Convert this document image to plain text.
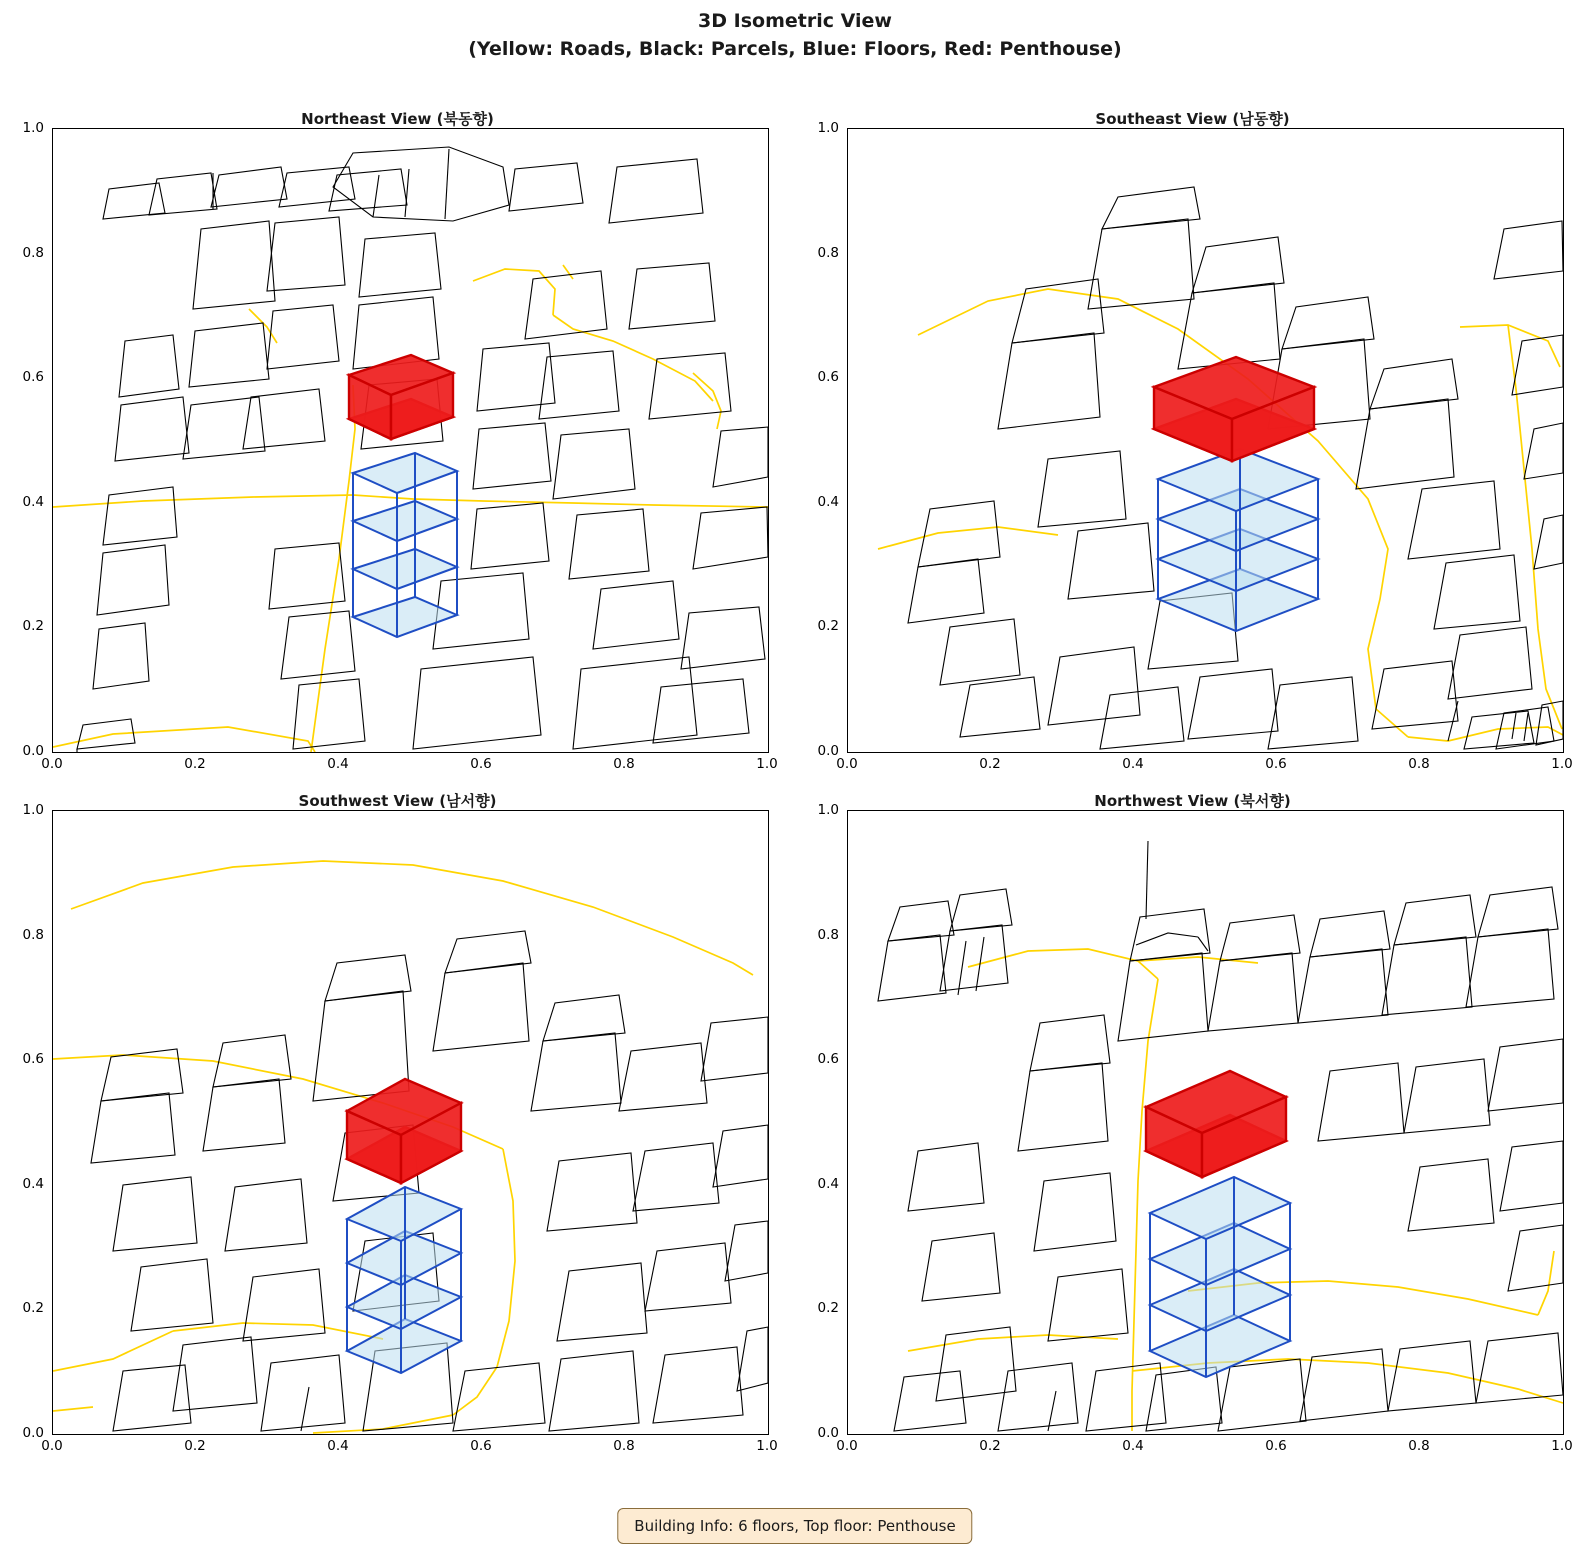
3D Isometric View
(Yellow: Roads, Black: Parcels, Blue: Floors, Red: Penthouse)
Northeast View (북동향)
0.0	0.2	0.4	0.6	0.8	1.0
0.0
0.2
0.4
0.6
0.8
1.0	Southeast View (남동향)
0.0	0.2	0.4	0.6	0.8	1.0
0.0
0.2
0.4
0.6
0.8
1.0
Southwest View (남서향)
0.0	0.2	0.4	0.6	0.8	1.0
0.0
0.2
0.4
0.6
0.8
1.0	Northwest View (북서향)
0.0	0.2	0.4	0.6	0.8	1.0
0.0
0.2
0.4
0.6
0.8
1.0
Building Info: 6 floors, Top floor: Penthouse
